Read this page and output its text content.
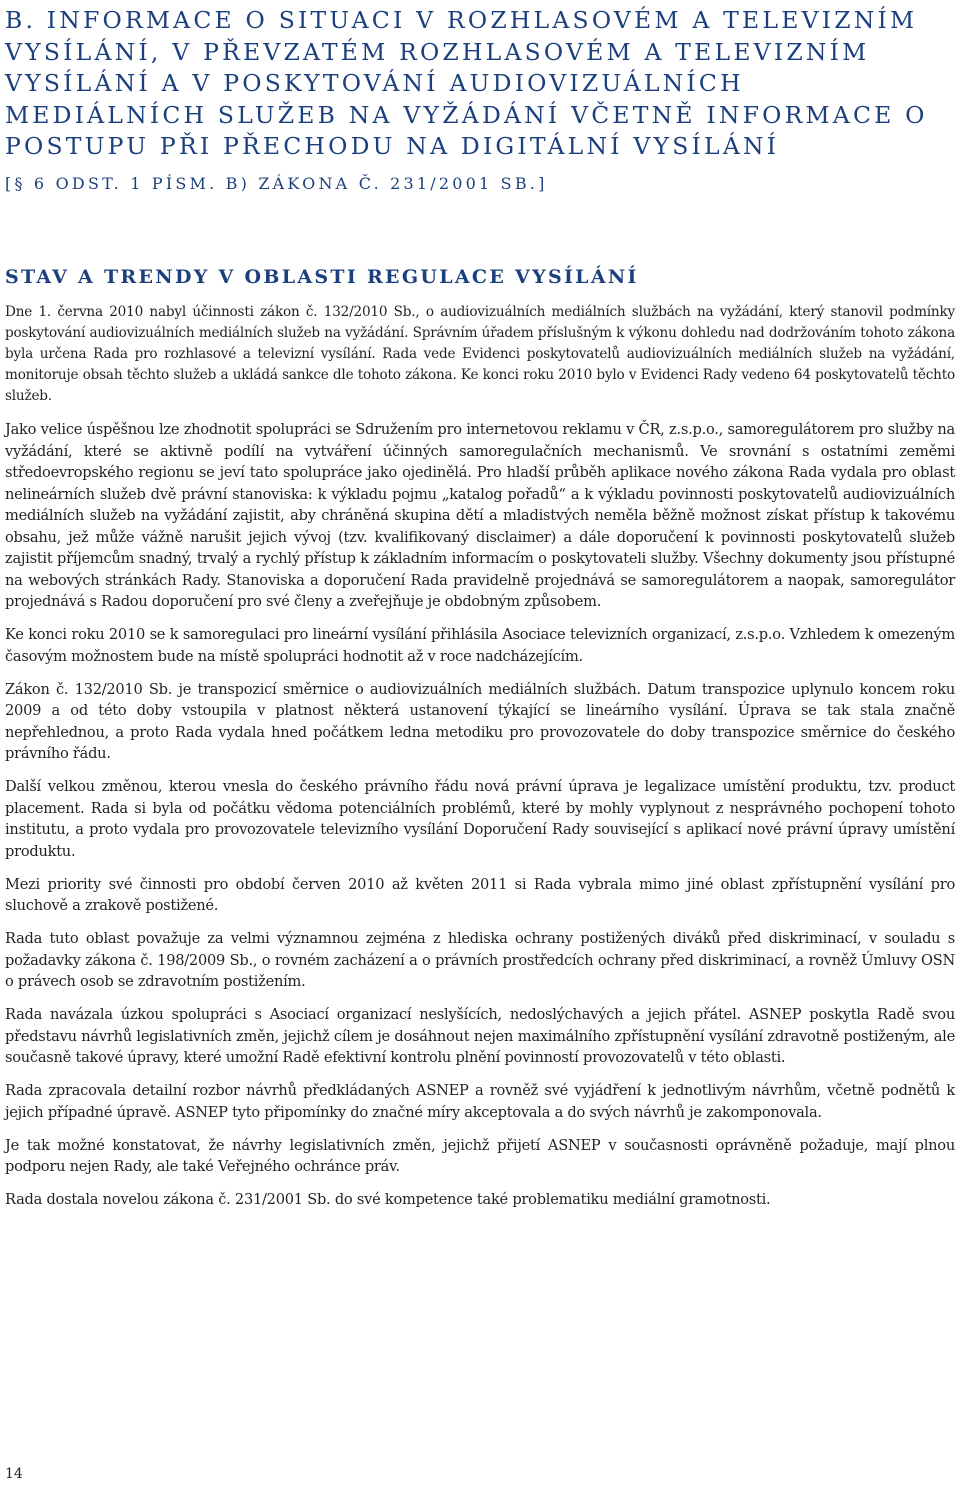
B. INFORMACE O SITUACI V ROZHLASOVÉM A TELEVIZNÍM VYSÍLÁNÍ, V PŘEVZATÉM ROZHLASOVÉM A TELEVIZNÍM VYSÍLÁNÍ A V POSKYTOVÁNÍ AUDIOVIZUÁLNÍCH MEDIÁLNÍCH SLUŽEB NA VYŽÁDÁNÍ VČETNĚ INFORMACE O POSTUPU PŘI PŘECHODU NA DIGITÁLNÍ VYSÍLÁNÍ

[§ 6 ODST. 1 PÍSM. B) ZÁKONA Č. 231/2001 SB.]

STAV A TRENDY V OBLASTI REGULACE VYSÍLÁNÍ

Dne 1. června 2010 nabyl účinnosti zákon č. 132/2010 Sb., o audiovizuálních mediálních službách na vyžádání, který stanovil podmínky poskytování audiovizuálních mediálních služeb na vyžádání. Správním úřadem příslušným k výkonu dohledu nad dodržováním tohoto zákona byla určena Rada pro rozhlasové a televizní vysílání. Rada vede Evidenci poskytovatelů audiovizuálních mediálních služeb na vyžádání, monitoruje obsah těchto služeb a ukládá sankce dle tohoto zákona. Ke konci roku 2010 bylo v Evidenci Rady vedeno 64 poskytovatelů těchto služeb.

Jako velice úspěšnou lze zhodnotit spolupráci se Sdružením pro internetovou reklamu v ČR, z.s.p.o., samoregulátorem pro služby na vyžádání, které se aktivně podílí na vytváření účinných samoregulačních mechanismů. Ve srovnání s ostatními zeměmi středoevropského regionu se jeví tato spolupráce jako ojedinělá. Pro hladší průběh aplikace nového zákona Rada vydala pro oblast nelineárních služeb dvě právní stanoviska: k výkladu pojmu „katalog pořadů“ a k výkladu povinnosti poskytovatelů audiovizuálních mediálních služeb na vyžádání zajistit, aby chráněná skupina dětí a mladistvých neměla běžně možnost získat přístup k takovému obsahu, jež může vážně narušit jejich vývoj (tzv. kvalifikovaný disclaimer) a dále doporučení k povinnosti poskytovatelů služeb zajistit příjemcům snadný, trvalý a rychlý přístup k základním informacím o poskytovateli služby. Všechny dokumenty jsou přístupné na webových stránkách Rady. Stanoviska a doporučení Rada pravidelně projednává se samoregulátorem a naopak, samoregulátor projednává s Radou doporučení pro své členy a zveřejňuje je obdobným způsobem.

Ke konci roku 2010 se k samoregulaci pro lineární vysílání přihlásila Asociace televizních organizací, z.s.p.o. Vzhledem k omezeným časovým možnostem bude na místě spolupráci hodnotit až v roce nadcházejícím.

Zákon č. 132/2010 Sb. je transpozicí směrnice o audiovizuálních mediálních službách. Datum transpozice uplynulo koncem roku 2009 a od této doby vstoupila v platnost některá ustanovení týkající se lineárního vysílání. Úprava se tak stala značně nepřehlednou, a proto Rada vydala hned počátkem ledna metodiku pro provozovatele do doby transpozice směrnice do českého právního řádu.

Další velkou změnou, kterou vnesla do českého právního řádu nová právní úprava je legalizace umístění produktu, tzv. product placement. Rada si byla od počátku vědoma potenciálních problémů, které by mohly vyplynout z nesprávného pochopení tohoto institutu, a proto vydala pro provozovatele televizního vysílání Doporučení Rady související s aplikací nové právní úpravy umístění produktu.

Mezi priority své činnosti pro období červen 2010 až květen 2011 si Rada vybrala mimo jiné oblast zpřístupnění vysílání pro sluchově a zrakově postižené.

Rada tuto oblast považuje za velmi významnou zejména z hlediska ochrany postižených diváků před diskriminací, v souladu s požadavky zákona č. 198/2009 Sb., o rovném zacházení a o právních prostředcích ochrany před diskriminací, a rovněž Úmluvy OSN o právech osob se zdravotním postižením.

Rada navázala úzkou spolupráci s Asociací organizací neslyšících, nedoslýchavých a jejich přátel. ASNEP poskytla Radě svou představu návrhů legislativních změn, jejichž cílem je dosáhnout nejen maximálního zpřístupnění vysílání zdravotně postiženým, ale současně takové úpravy, které umožní Radě efektivní kontrolu plnění povinností provozovatelů v této oblasti.

Rada zpracovala detailní rozbor návrhů předkládaných ASNEP a rovněž své vyjádření k jednotlivým návrhům, včetně podnětů k jejich případné úpravě. ASNEP tyto připomínky do značné míry akceptovala a do svých návrhů je zakomponovala.

Je tak možné konstatovat, že návrhy legislativních změn, jejichž přijetí ASNEP v současnosti oprávněně požaduje, mají plnou podporu nejen Rady, ale také Veřejného ochránce práv.

Rada dostala novelou zákona č. 231/2001 Sb. do své kompetence také problematiku mediální gramotnosti.

14
